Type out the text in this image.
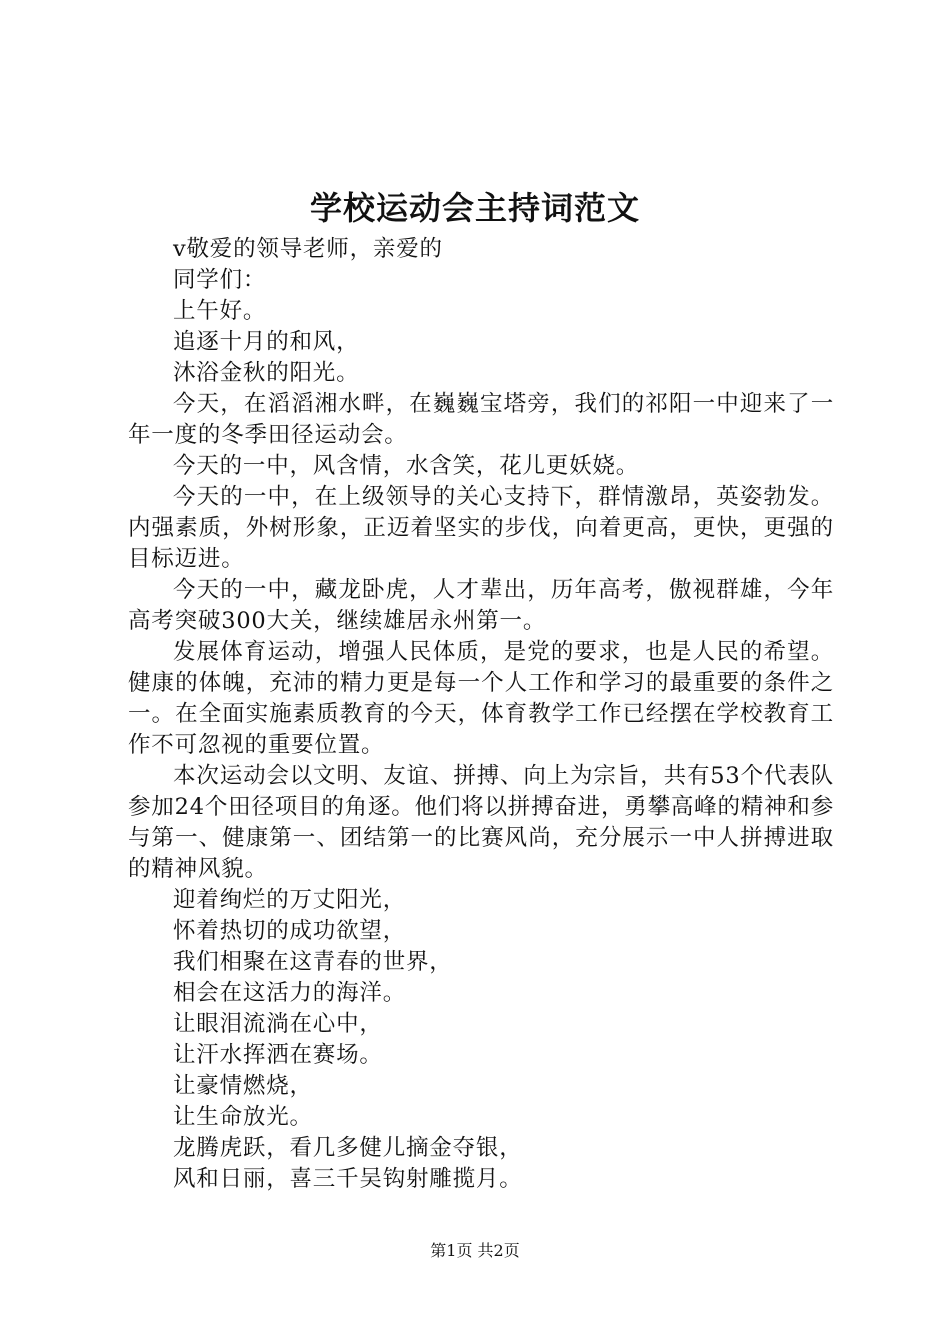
学校运动会主持词范文

v敬爱的领导老师，亲爱的

同学们：

上午好。

追逐十月的和风，

沐浴金秋的阳光。

今天，在滔滔湘水畔，在巍巍宝塔旁，我们的祁阳一中迎来了一年一度的冬季田径运动会。

今天的一中，风含情，水含笑，花儿更妖娆。

今天的一中，在上级领导的关心支持下，群情激昂，英姿勃发。内强素质，外树形象，正迈着坚实的步伐，向着更高，更快，更强的目标迈进。

今天的一中，藏龙卧虎，人才辈出，历年高考，傲视群雄，今年高考突破300大关，继续雄居永州第一。

发展体育运动，增强人民体质，是党的要求，也是人民的希望。健康的体魄，充沛的精力更是每一个人工作和学习的最重要的条件之一。在全面实施素质教育的今天，体育教学工作已经摆在学校教育工作不可忽视的重要位置。

本次运动会以文明、友谊、拼搏、向上为宗旨，共有53个代表队参加24个田径项目的角逐。他们将以拼搏奋进，勇攀高峰的精神和参与第一、健康第一、团结第一的比赛风尚，充分展示一中人拼搏进取的精神风貌。

迎着绚烂的万丈阳光，

怀着热切的成功欲望，

我们相聚在这青春的世界，

相会在这活力的海洋。

让眼泪流淌在心中，

让汗水挥洒在赛场。

让豪情燃烧，

让生命放光。

龙腾虎跃，看几多健儿摘金夺银，

风和日丽，喜三千吴钩射雕揽月。

第1页 共2页
